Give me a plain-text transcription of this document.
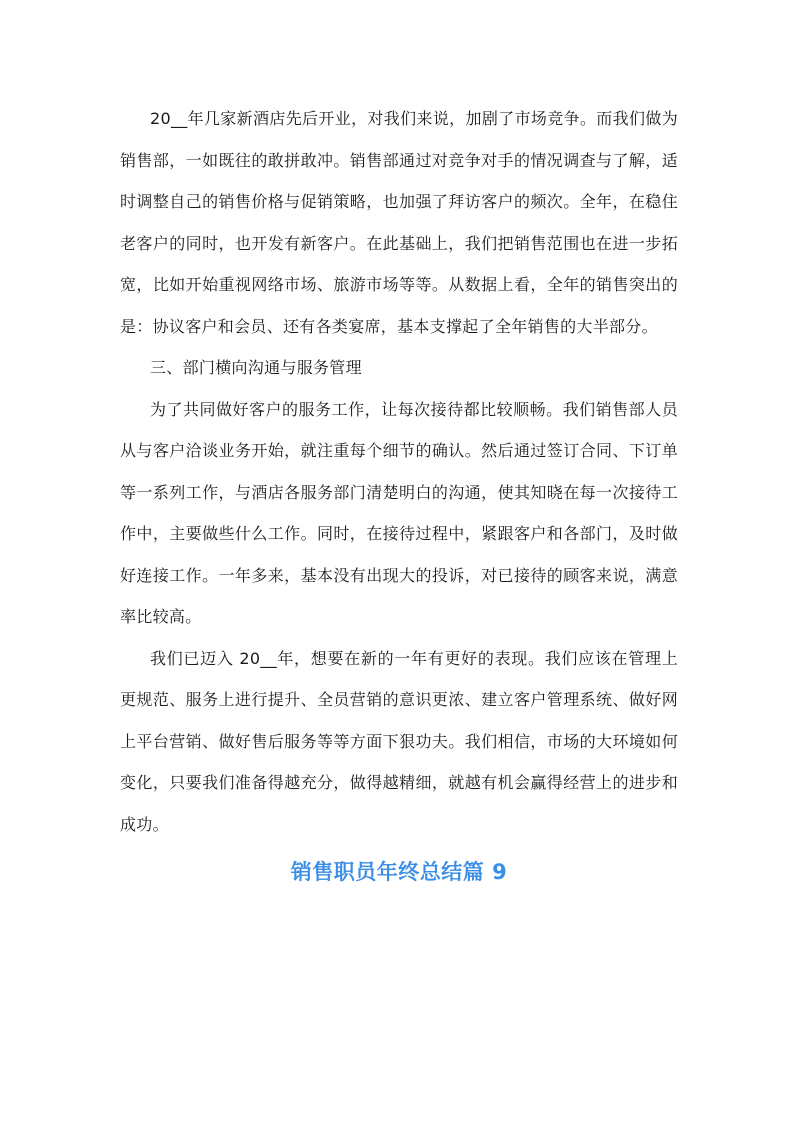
20__年几家新酒店先后开业，对我们来说，加剧了市场竞争。而我们做为销售部，一如既往的敢拼敢冲。销售部通过对竞争对手的情况调查与了解，适时调整自己的销售价格与促销策略，也加强了拜访客户的频次。全年，在稳住老客户的同时，也开发有新客户。在此基础上，我们把销售范围也在进一步拓宽，比如开始重视网络市场、旅游市场等等。从数据上看，全年的销售突出的是：协议客户和会员、还有各类宴席，基本支撑起了全年销售的大半部分。

三、部门横向沟通与服务管理

为了共同做好客户的服务工作，让每次接待都比较顺畅。我们销售部人员从与客户洽谈业务开始，就注重每个细节的确认。然后通过签订合同、下订单等一系列工作，与酒店各服务部门清楚明白的沟通，使其知晓在每一次接待工作中，主要做些什么工作。同时，在接待过程中，紧跟客户和各部门，及时做好连接工作。一年多来，基本没有出现大的投诉，对已接待的顾客来说，满意率比较高。

我们已迈入 20__年，想要在新的一年有更好的表现。我们应该在管理上更规范、服务上进行提升、全员营销的意识更浓、建立客户管理系统、做好网上平台营销、做好售后服务等等方面下狠功夫。我们相信，市场的大环境如何变化，只要我们准备得越充分，做得越精细，就越有机会赢得经营上的进步和成功。

销售职员年终总结篇 9
